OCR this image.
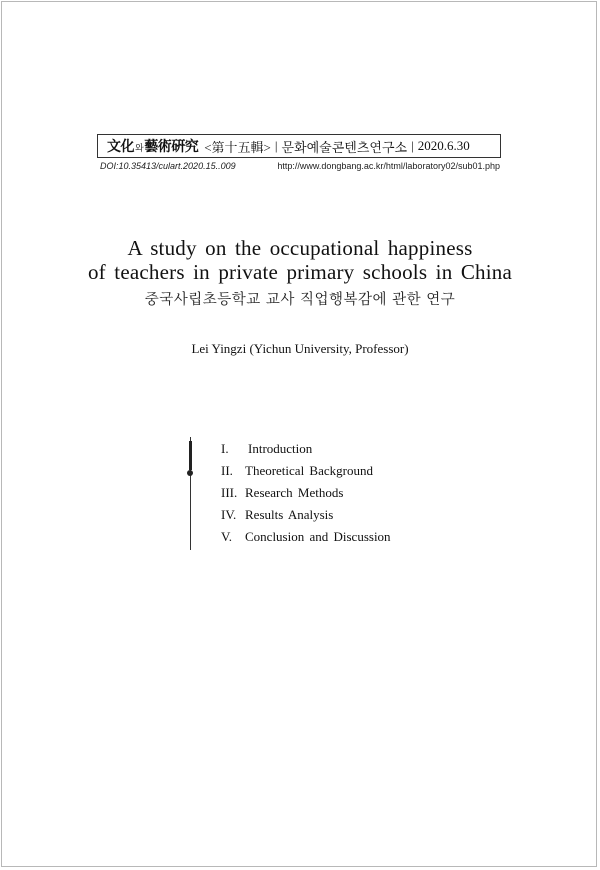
文化와藝術硏究 <第十五輯> | 문화예술콘텐츠연구소 | 2020.6.30
DOI:10.35413/culart.2020.15..009	http://www.dongbang.ac.kr/html/laboratory02/sub01.php
A study on the occupational happiness
of teachers in private primary schools in China
중국사립초등학교 교사 직업행복감에 관한 연구
Lei Yingzi (Yichun University, Professor)
I. Introduction
II. Theoretical Background
III. Research Methods
IV. Results Analysis
V. Conclusion and Discussion
